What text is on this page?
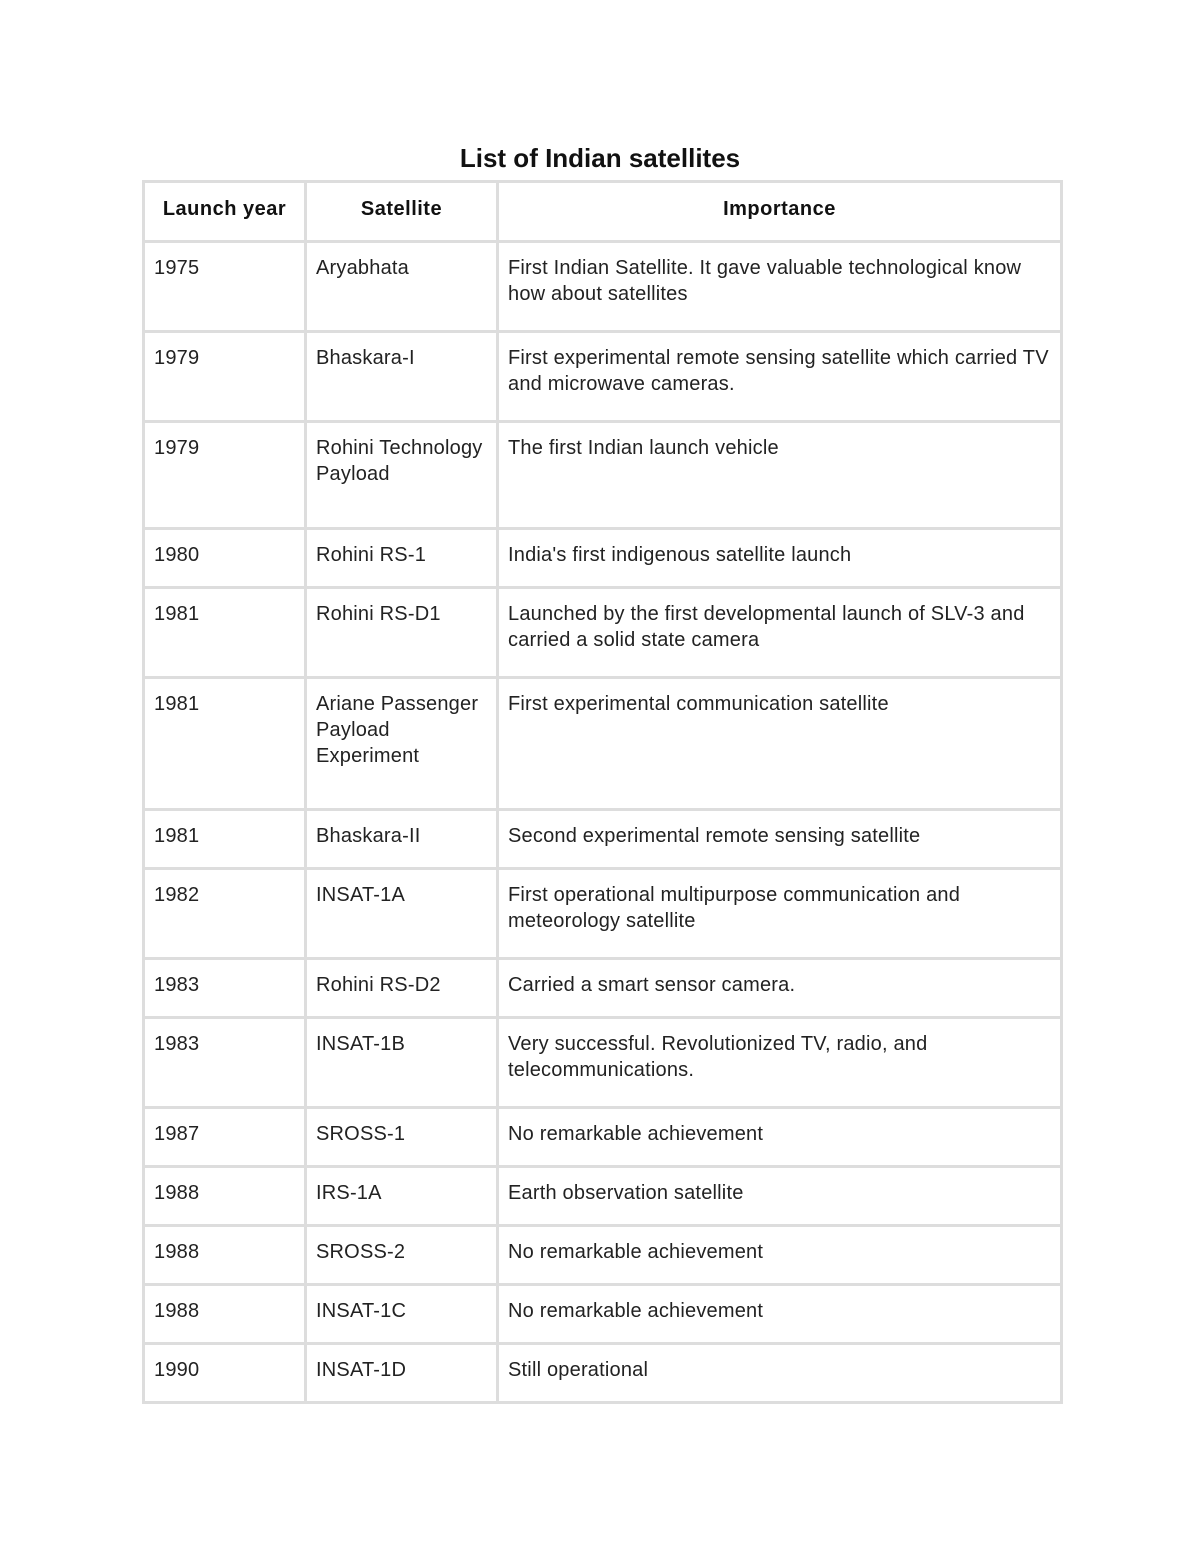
List of Indian satellites
Launch year	Satellite	Importance
1975	Aryabhata	First Indian Satellite. It gave valuable technological know how about satellites
1979	Bhaskara-I	First experimental remote sensing satellite which carried TV and microwave cameras.
1979	Rohini Technology Payload	The first Indian launch vehicle
1980	Rohini RS-1	India's first indigenous satellite launch
1981	Rohini RS-D1	Launched by the first developmental launch of SLV-3 and carried a solid state camera
1981	Ariane Passenger Payload Experiment	First experimental communication satellite
1981	Bhaskara-II	Second experimental remote sensing satellite
1982	INSAT-1A	First operational multipurpose communication and meteorology satellite
1983	Rohini RS-D2	Carried a smart sensor camera.
1983	INSAT-1B	Very successful. Revolutionized TV, radio, and telecommunications.
1987	SROSS-1	No remarkable achievement
1988	IRS-1A	Earth observation satellite
1988	SROSS-2	No remarkable achievement
1988	INSAT-1C	No remarkable achievement
1990	INSAT-1D	Still operational
